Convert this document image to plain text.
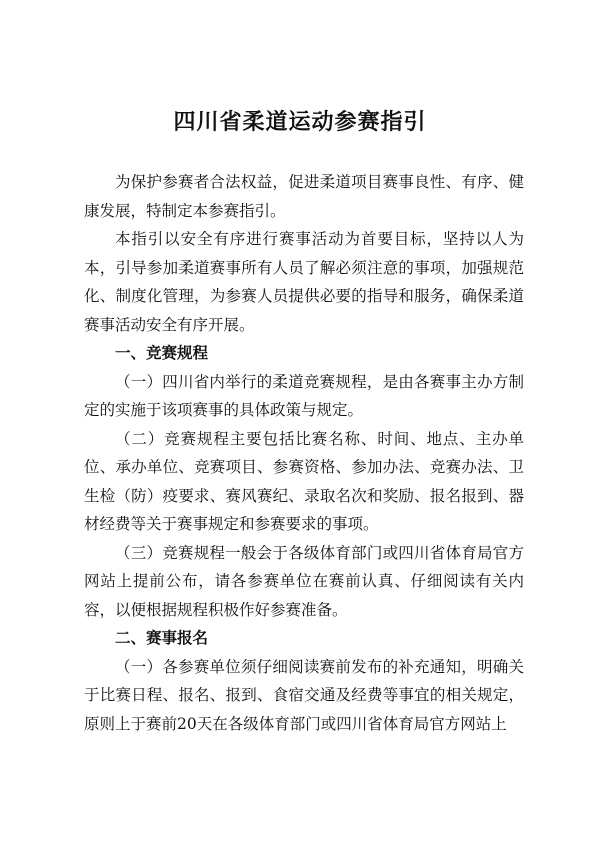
四川省柔道运动参赛指引

为保护参赛者合法权益，促进柔道项目赛事良性、有序、健康发展，特制定本参赛指引。

本指引以安全有序进行赛事活动为首要目标，坚持以人为本，引导参加柔道赛事所有人员了解必须注意的事项，加强规范化、制度化管理，为参赛人员提供必要的指导和服务，确保柔道赛事活动安全有序开展。

一、竞赛规程

（一）四川省内举行的柔道竞赛规程，是由各赛事主办方制定的实施于该项赛事的具体政策与规定。

（二）竞赛规程主要包括比赛名称、时间、地点、主办单位、承办单位、竞赛项目、参赛资格、参加办法、竞赛办法、卫生检（防）疫要求、赛风赛纪、录取名次和奖励、报名报到、器材经费等关于赛事规定和参赛要求的事项。

（三）竞赛规程一般会于各级体育部门或四川省体育局官方网站上提前公布，请各参赛单位在赛前认真、仔细阅读有关内容，以便根据规程积极作好参赛准备。

二、赛事报名

（一）各参赛单位须仔细阅读赛前发布的补充通知，明确关于比赛日程、报名、报到、食宿交通及经费等事宜的相关规定，原则上于赛前20天在各级体育部门或四川省体育局官方网站上
